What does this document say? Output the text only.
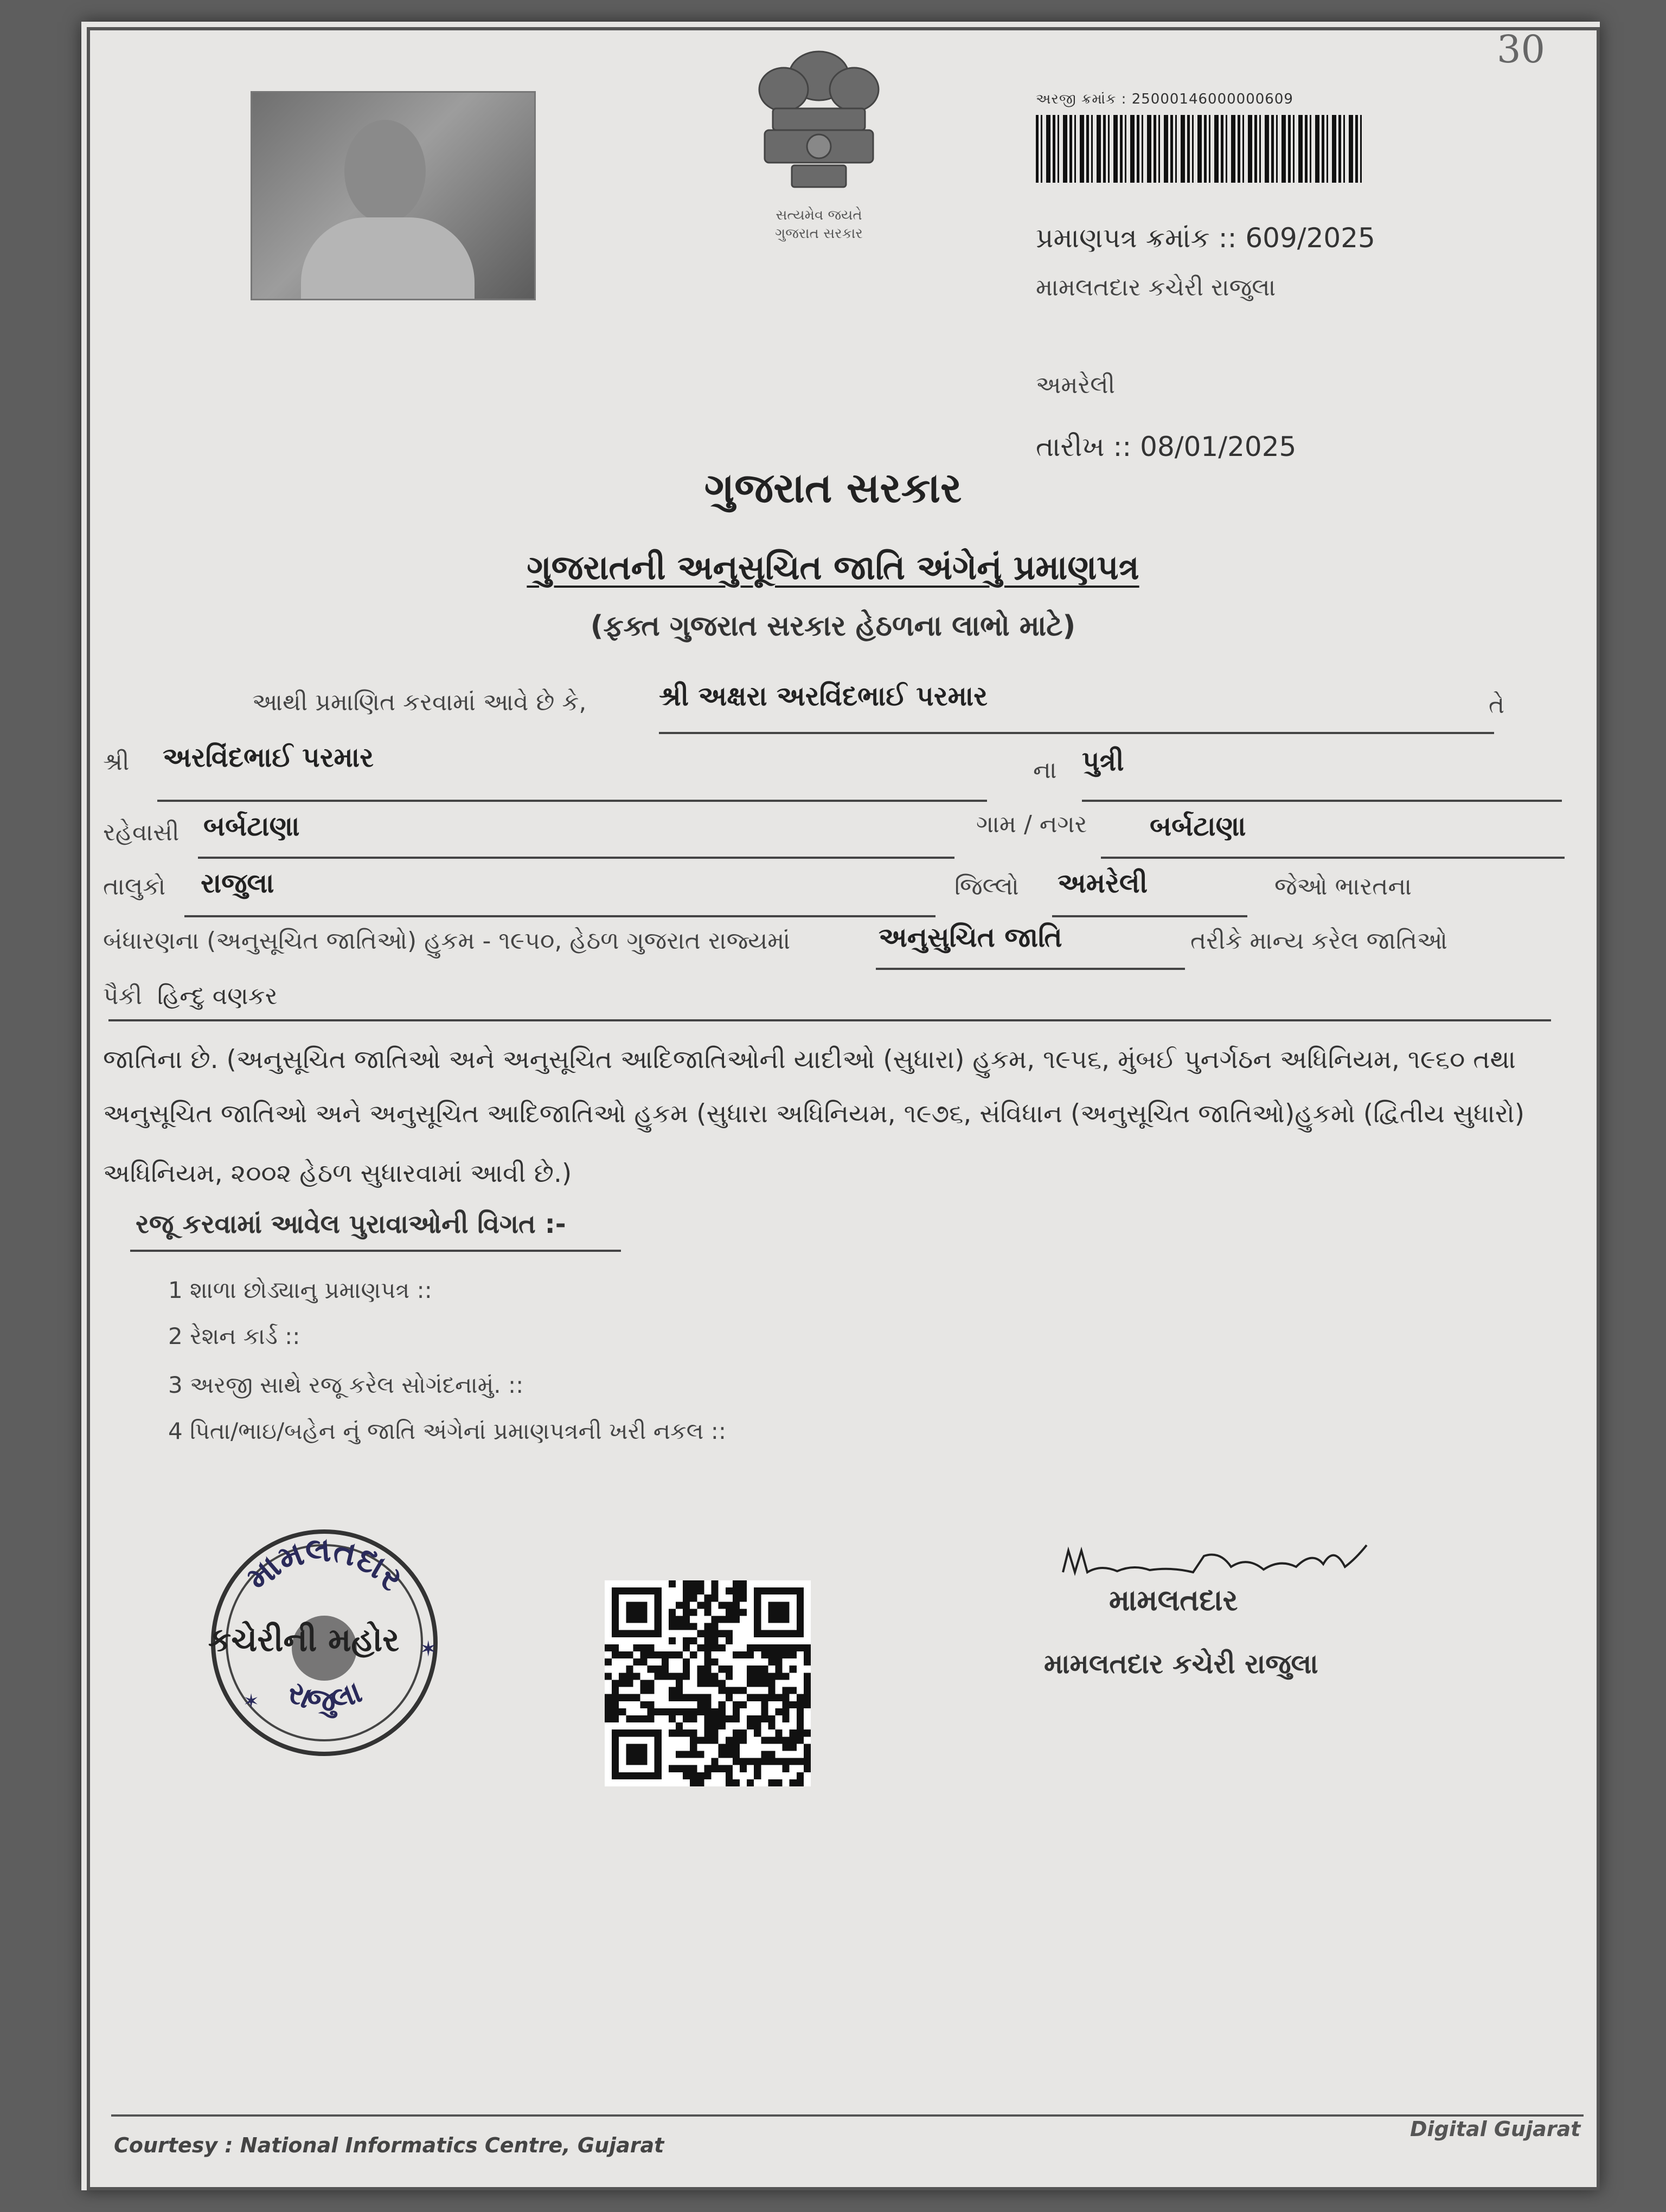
30
સત્યમેવ જયતે
ગુજરાત સરકાર
અરજી ક્રમાંક : 25000146000000609
પ્રમાણપત્ર ક્રમાંક :: 609/2025
મામલતદાર કચેરી રાજુલા
અમરેલી
તારીખ :: 08/01/2025
ગુજરાત સરકાર
ગુજરાતની અનુસૂચિત જાતિ અંગેનું પ્રમાણપત્ર
(ફક્ત ગુજરાત સરકાર હેઠળના લાભો માટે)
આથી પ્રમાણિત કરવામાં આવે છે કે,	શ્રી અક્ષરા અરવિંદભાઈ પરમાર	તે
શ્રી અરવિંદભાઈ પરમાર	ના પુત્રી
રહેવાસી બર્બટાણા	ગામ / નગર બર્બટાણા
તાલુકો રાજુલા	જિલ્લો અમરેલી	જેઓ ભારતના
બંધારણના (અનુસૂચિત જાતિઓ) હુકમ - ૧૯૫૦, હેઠળ ગુજરાત રાજ્યમાં	અનુસુચિત જાતિ	તરીકે માન્ય કરેલ જાતિઓ
પૈકી હિન્દુ વણકર
જાતિના છે. (અનુસૂચિત જાતિઓ અને અનુસૂચિત આદિજાતિઓની યાદીઓ (સુધારા) હુકમ, ૧૯૫૬, મુંબઈ પુનર્ગઠન અધિનિયમ, ૧૯૬૦ તથા
અનુસૂચિત જાતિઓ અને અનુસૂચિત આદિજાતિઓ હુકમ (સુધારા અધિનિયમ, ૧૯૭૬, સંવિધાન (અનુસૂચિત જાતિઓ)હુકમો (દ્વિતીય સુધારો)
અધિનિયમ, ૨૦૦૨ હેઠળ સુધારવામાં આવી છે.)
રજૂ કરવામાં આવેલ પુરાવાઓની વિગત :-
1 શાળા છોડ્યાનુ પ્રમાણપત્ર ::
2 રેશન કાર્ડ ::
3 અરજી સાથે રજૂ કરેલ સોગંદનામું. ::
4 પિતા/ભાઇ/બહેન નું જાતિ અંગેનાં પ્રમાણપત્રની ખરી નકલ ::
મામલતદાર
રાજુલા
✶
✶
કચેરીની મહોર
મામલતદાર
મામલતદાર કચેરી રાજુલા
Courtesy : National Informatics Centre, Gujarat
Digital Gujarat
